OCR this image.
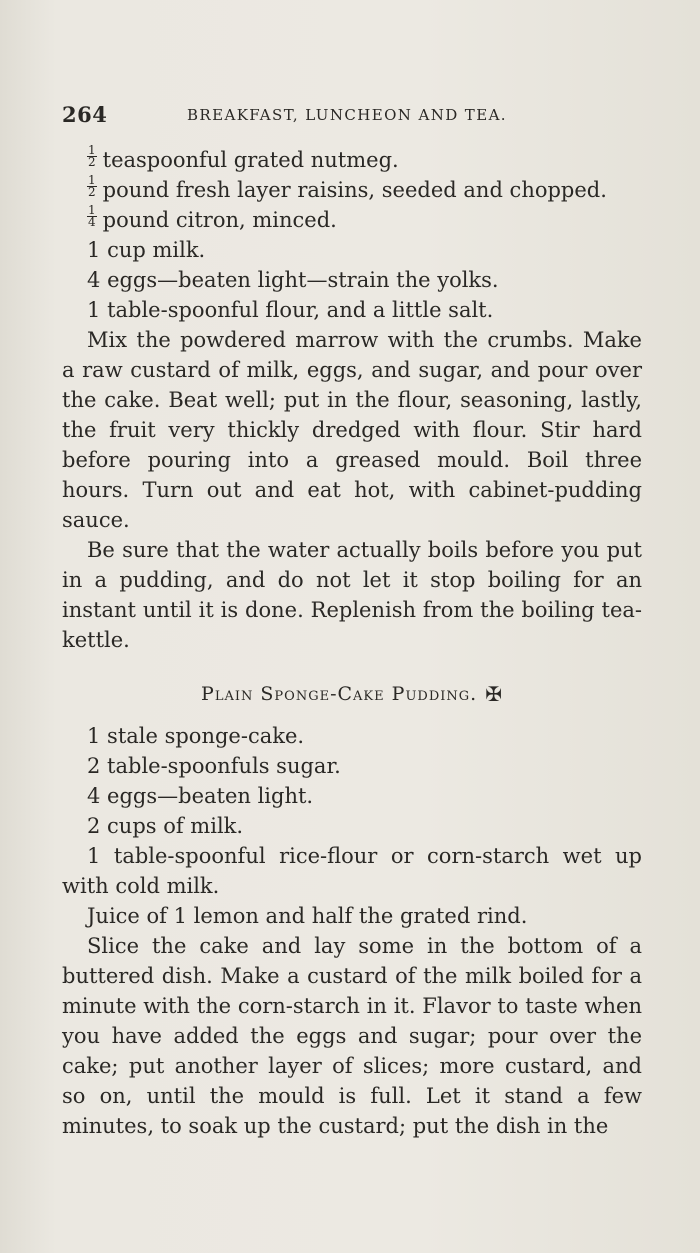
264	BREAKFAST, LUNCHEON AND TEA.

$\frac{1}{2}$ teaspoonful grated nutmeg.

$\frac{1}{2}$ pound fresh layer raisins, seeded and chopped.

$\frac{1}{4}$ pound citron, minced.

1 cup milk.

4 eggs—beaten light—strain the yolks.

1 table-spoonful flour, and a little salt.

Mix the powdered marrow with the crumbs. Make a raw custard of milk, eggs, and sugar, and pour over the cake. Beat well; put in the flour, seasoning, lastly, the fruit very thickly dredged with flour. Stir hard before pouring into a greased mould. Boil three hours. Turn out and eat hot, with cabinet-pudding sauce.

Be sure that the water actually boils before you put in a pudding, and do not let it stop boiling for an instant until it is done. Replenish from the boiling tea-kettle.

Plain Sponge-Cake Pudding. ✠

1 stale sponge-cake.

2 table-spoonfuls sugar.

4 eggs—beaten light.

2 cups of milk.

1 table-spoonful rice-flour or corn-starch wet up with cold milk.

Juice of 1 lemon and half the grated rind.

Slice the cake and lay some in the bottom of a buttered dish. Make a custard of the milk boiled for a minute with the corn-starch in it. Flavor to taste when you have added the eggs and sugar; pour over the cake; put another layer of slices; more custard, and so on, until the mould is full. Let it stand a few minutes, to soak up the custard; put the dish in the
